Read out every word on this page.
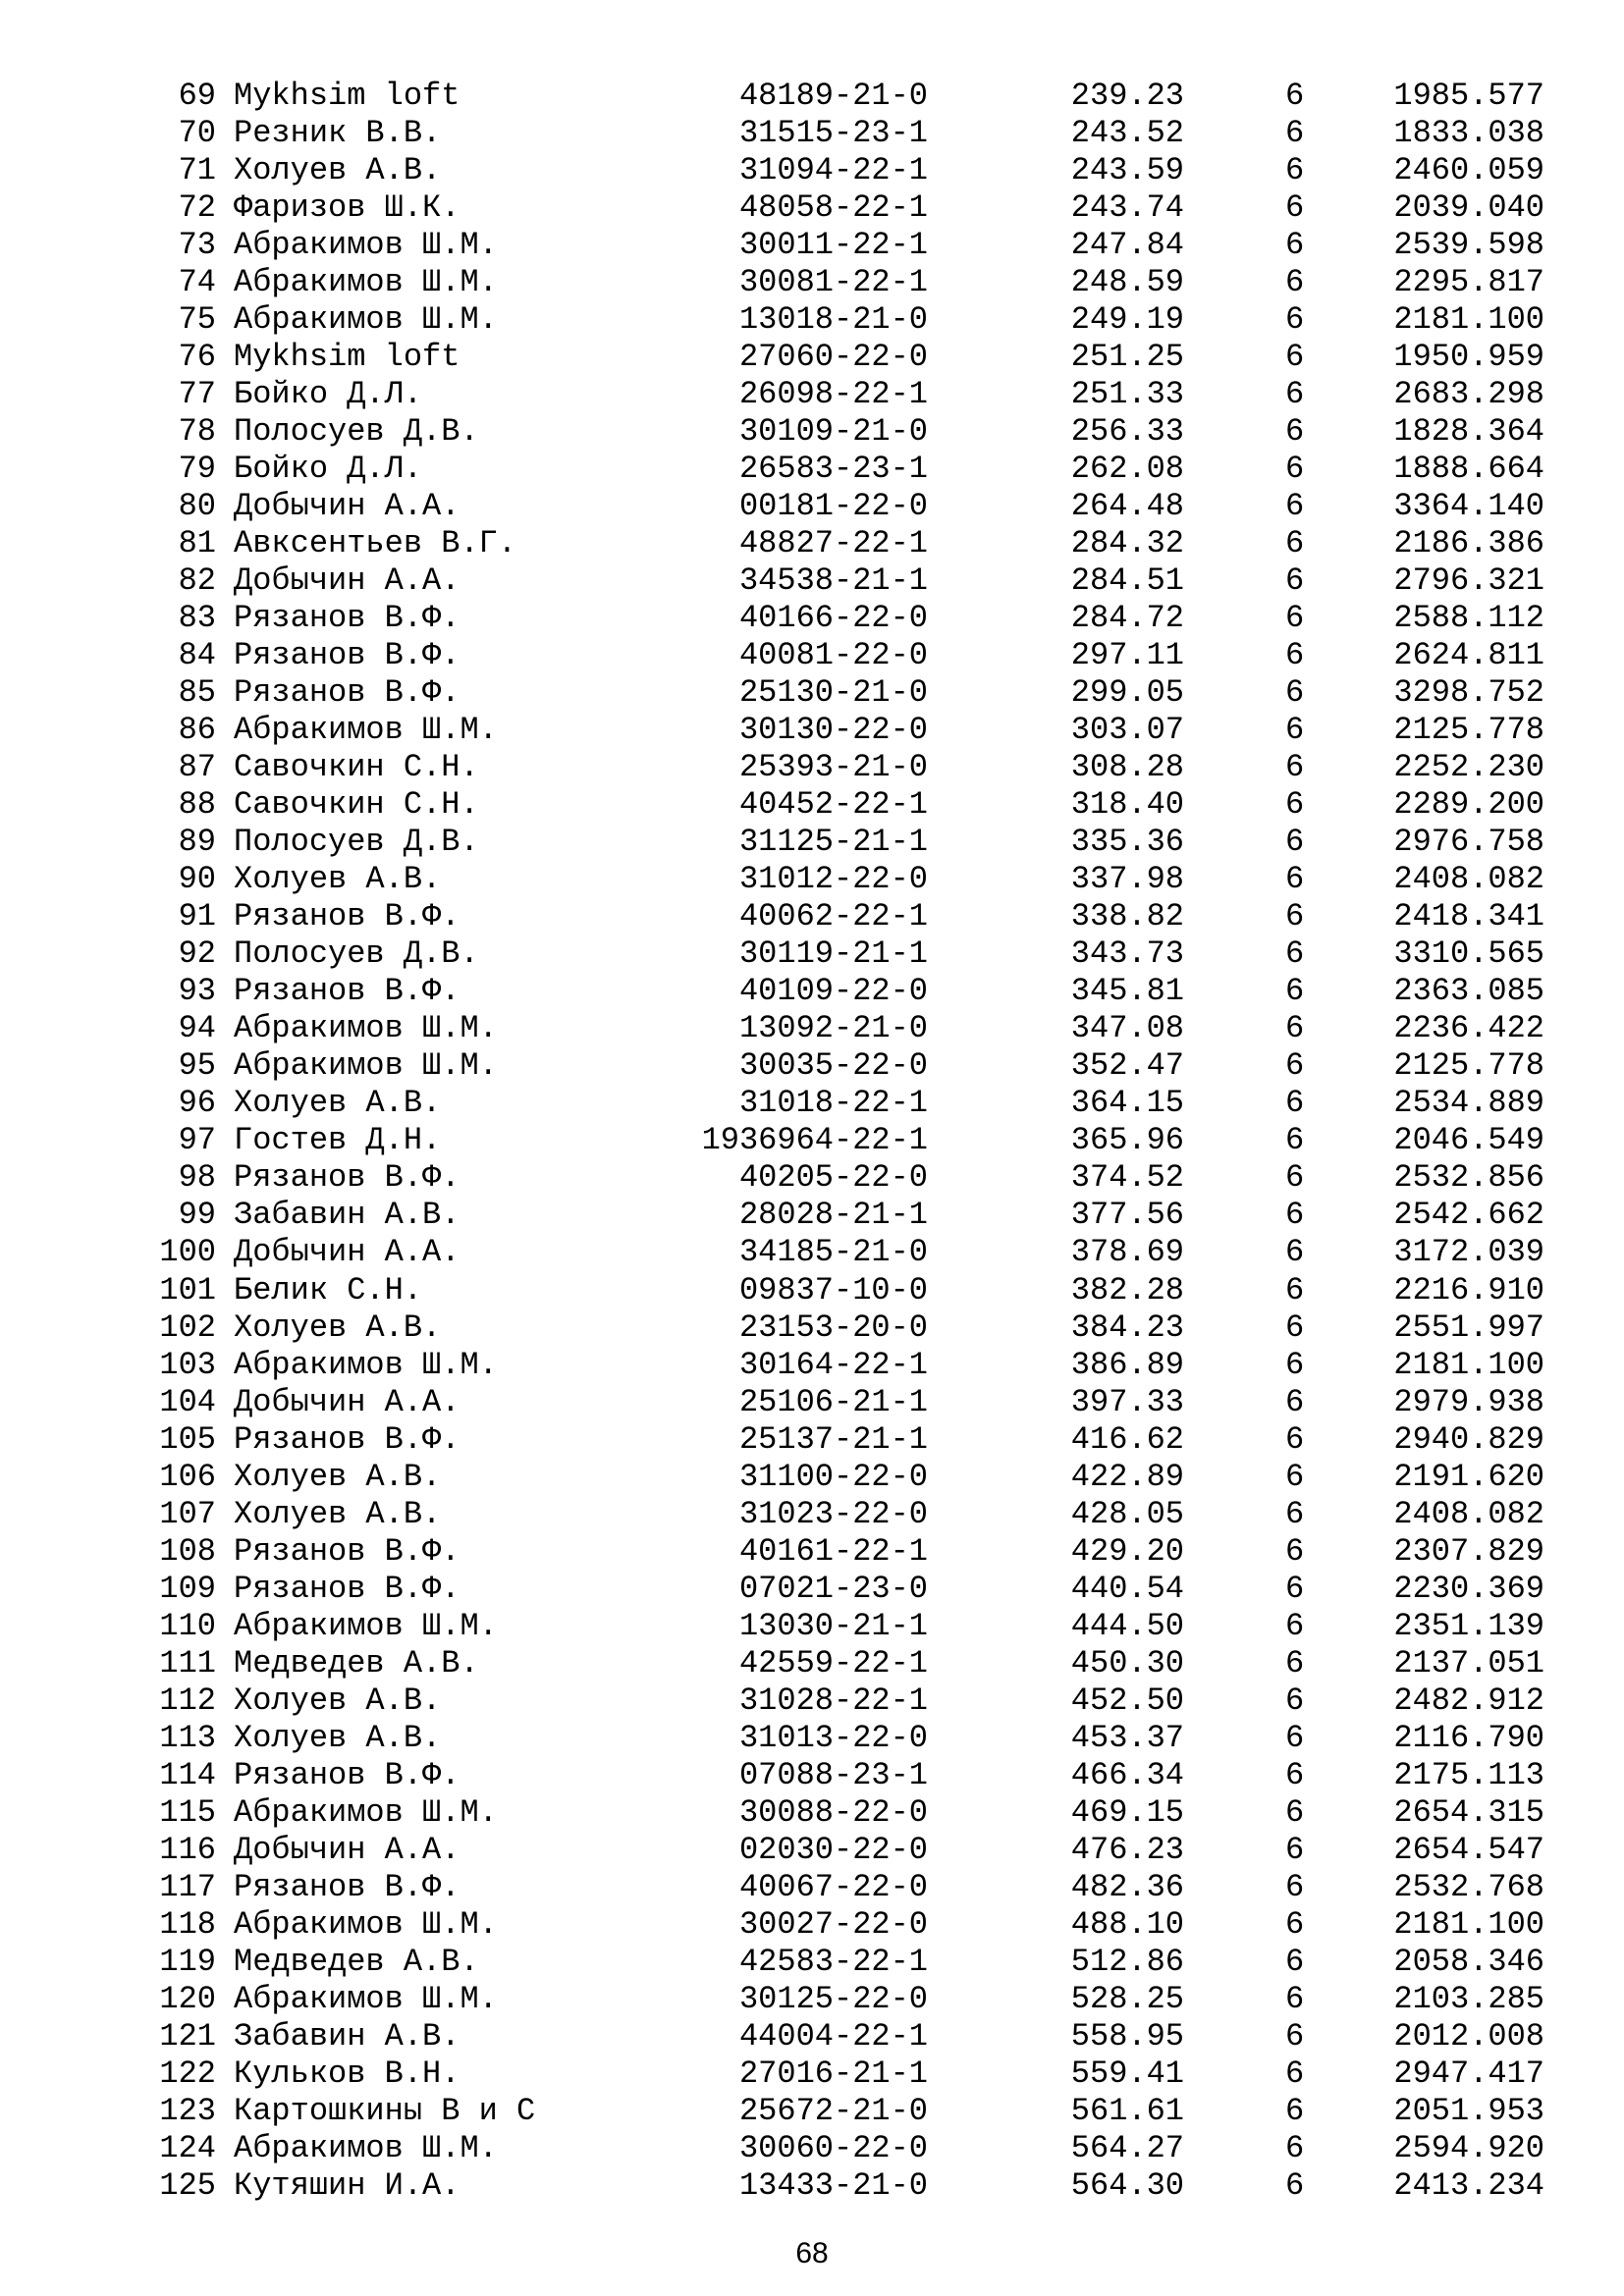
69 Mykhsim loft	48189-21-0	239.23	6	1985.577
70 Резник В.В.	31515-23-1	243.52	6	1833.038
71 Холуев А.В.	31094-22-1	243.59	6	2460.059
72 Фаризов Ш.К.	48058-22-1	243.74	6	2039.040
73 Абракимов Ш.М.	30011-22-1	247.84	6	2539.598
74 Абракимов Ш.М.	30081-22-1	248.59	6	2295.817
75 Абракимов Ш.М.	13018-21-0	249.19	6	2181.100
76 Mykhsim loft	27060-22-0	251.25	6	1950.959
77 Бойко Д.Л.	26098-22-1	251.33	6	2683.298
78 Полосуев Д.В.	30109-21-0	256.33	6	1828.364
79 Бойко Д.Л.	26583-23-1	262.08	6	1888.664
80 Добычин А.А.	00181-22-0	264.48	6	3364.140
81 Авксентьев В.Г.	48827-22-1	284.32	6	2186.386
82 Добычин А.А.	34538-21-1	284.51	6	2796.321
83 Рязанов В.Ф.	40166-22-0	284.72	6	2588.112
84 Рязанов В.Ф.	40081-22-0	297.11	6	2624.811
85 Рязанов В.Ф.	25130-21-0	299.05	6	3298.752
86 Абракимов Ш.М.	30130-22-0	303.07	6	2125.778
87 Савочкин С.Н.	25393-21-0	308.28	6	2252.230
88 Савочкин С.Н.	40452-22-1	318.40	6	2289.200
89 Полосуев Д.В.	31125-21-1	335.36	6	2976.758
90 Холуев А.В.	31012-22-0	337.98	6	2408.082
91 Рязанов В.Ф.	40062-22-1	338.82	6	2418.341
92 Полосуев Д.В.	30119-21-1	343.73	6	3310.565
93 Рязанов В.Ф.	40109-22-0	345.81	6	2363.085
94 Абракимов Ш.М.	13092-21-0	347.08	6	2236.422
95 Абракимов Ш.М.	30035-22-0	352.47	6	2125.778
96 Холуев А.В.	31018-22-1	364.15	6	2534.889
97 Гостев Д.Н.	1936964-22-1	365.96	6	2046.549
98 Рязанов В.Ф.	40205-22-0	374.52	6	2532.856
99 Забавин А.В.	28028-21-1	377.56	6	2542.662
100 Добычин А.А.	34185-21-0	378.69	6	3172.039
101 Белик С.Н.	09837-10-0	382.28	6	2216.910
102 Холуев А.В.	23153-20-0	384.23	6	2551.997
103 Абракимов Ш.М.	30164-22-1	386.89	6	2181.100
104 Добычин А.А.	25106-21-1	397.33	6	2979.938
105 Рязанов В.Ф.	25137-21-1	416.62	6	2940.829
106 Холуев А.В.	31100-22-0	422.89	6	2191.620
107 Холуев А.В.	31023-22-0	428.05	6	2408.082
108 Рязанов В.Ф.	40161-22-1	429.20	6	2307.829
109 Рязанов В.Ф.	07021-23-0	440.54	6	2230.369
110 Абракимов Ш.М.	13030-21-1	444.50	6	2351.139
111 Медведев А.В.	42559-22-1	450.30	6	2137.051
112 Холуев А.В.	31028-22-1	452.50	6	2482.912
113 Холуев А.В.	31013-22-0	453.37	6	2116.790
114 Рязанов В.Ф.	07088-23-1	466.34	6	2175.113
115 Абракимов Ш.М.	30088-22-0	469.15	6	2654.315
116 Добычин А.А.	02030-22-0	476.23	6	2654.547
117 Рязанов В.Ф.	40067-22-0	482.36	6	2532.768
118 Абракимов Ш.М.	30027-22-0	488.10	6	2181.100
119 Медведев А.В.	42583-22-1	512.86	6	2058.346
120 Абракимов Ш.М.	30125-22-0	528.25	6	2103.285
121 Забавин А.В.	44004-22-1	558.95	6	2012.008
122 Кульков В.Н.	27016-21-1	559.41	6	2947.417
123 Картошкины В и С	25672-21-0	561.61	6	2051.953
124 Абракимов Ш.М.	30060-22-0	564.27	6	2594.920
125 Кутяшин И.А.	13433-21-0	564.30	6	2413.234
68
